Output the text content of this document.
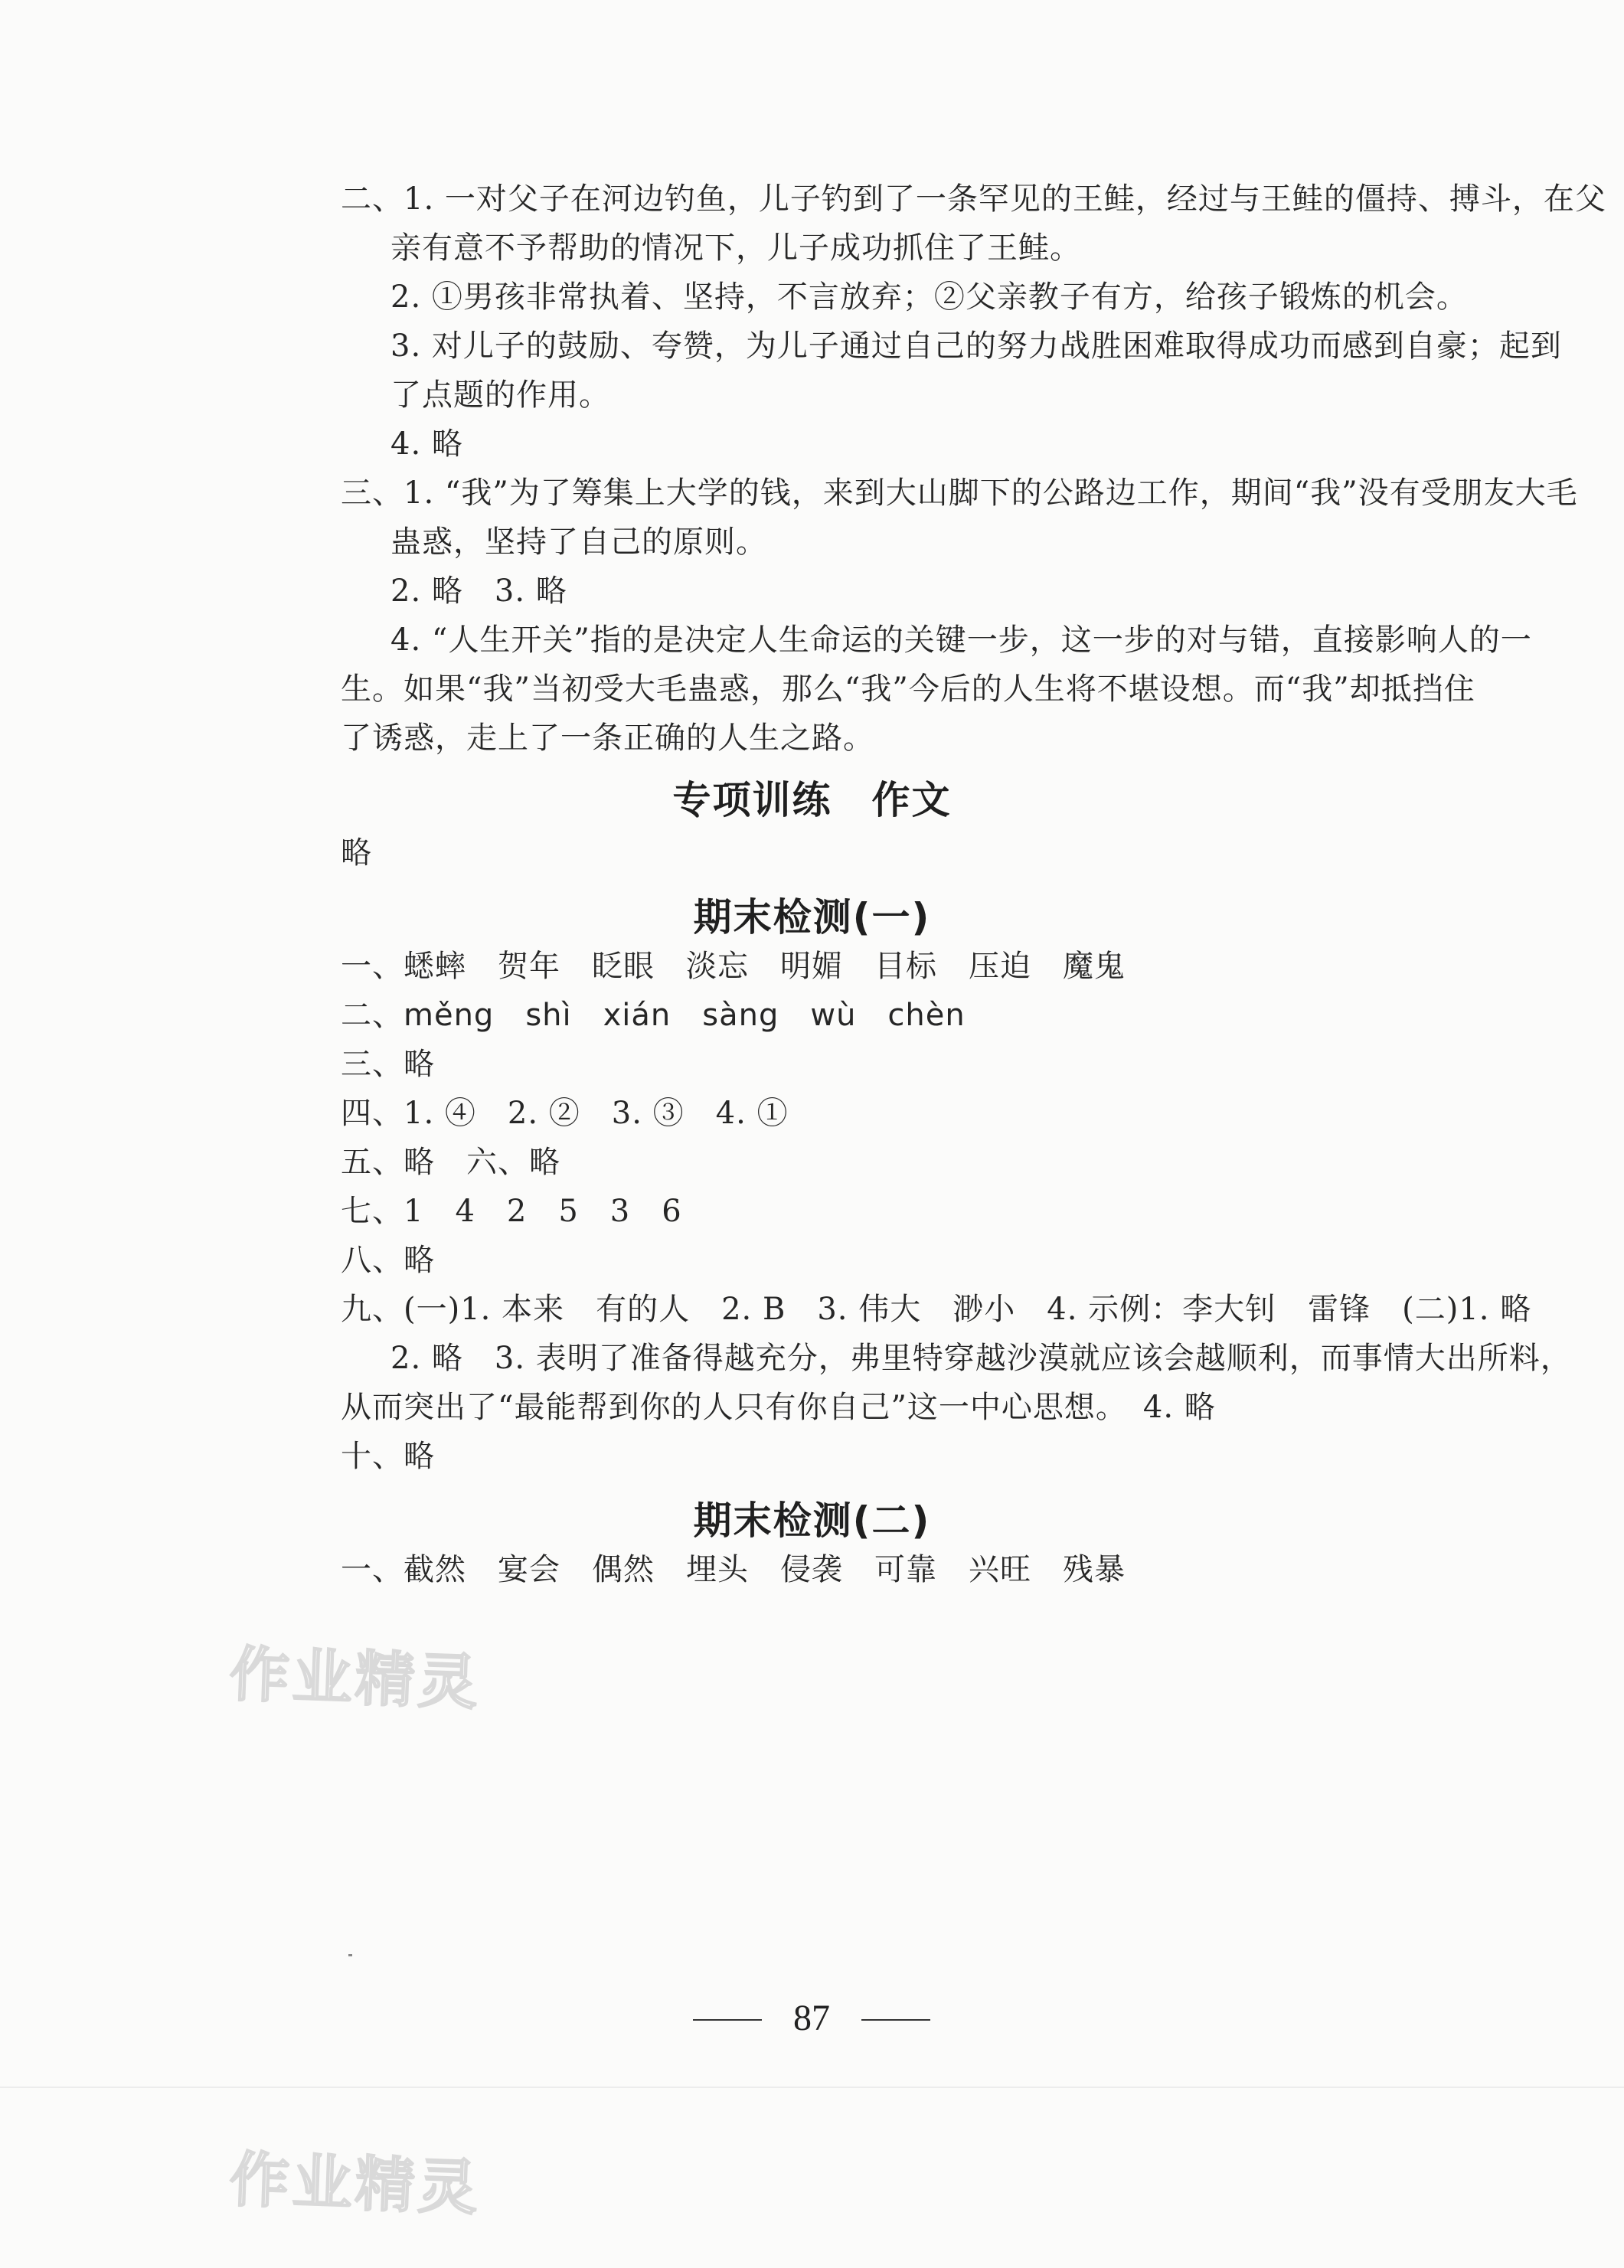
二、1. 一对父子在河边钓鱼，儿子钓到了一条罕见的王鲑，经过与王鲑的僵持、搏斗，在父
亲有意不予帮助的情况下，儿子成功抓住了王鲑。
2. ①男孩非常执着、坚持，不言放弃；②父亲教子有方，给孩子锻炼的机会。
3. 对儿子的鼓励、夸赞，为儿子通过自己的努力战胜困难取得成功而感到自豪；起到
了点题的作用。
4. 略
三、1. “我”为了筹集上大学的钱，来到大山脚下的公路边工作，期间“我”没有受朋友大毛
蛊惑，坚持了自己的原则。
2. 略　3. 略
4. “人生开关”指的是决定人生命运的关键一步，这一步的对与错，直接影响人的一
生。如果“我”当初受大毛蛊惑，那么“我”今后的人生将不堪设想。而“我”却抵挡住
了诱惑，走上了一条正确的人生之路。
专项训练　作文
略
期末检测(一)
一、蟋蟀　贺年　眨眼　淡忘　明媚　目标　压迫　魔鬼
二、měng　shì　xián　sàng　wù　chèn
三、略
四、1. ④　2. ②　3. ③　4. ①
五、略　六、略
七、1　4　2　5　3　6
八、略
九、(一)1. 本来　有的人　2. B　3. 伟大　渺小　4. 示例：李大钊　雷锋　(二)1. 略
2. 略　3. 表明了准备得越充分，弗里特穿越沙漠就应该会越顺利，而事情大出所料，
从而突出了“最能帮到你的人只有你自己”这一中心思想。　4. 略
十、略
期末检测(二)
一、截然　宴会　偶然　埋头　侵袭　可靠　兴旺　残暴
作业精灵
作业精灵
87
